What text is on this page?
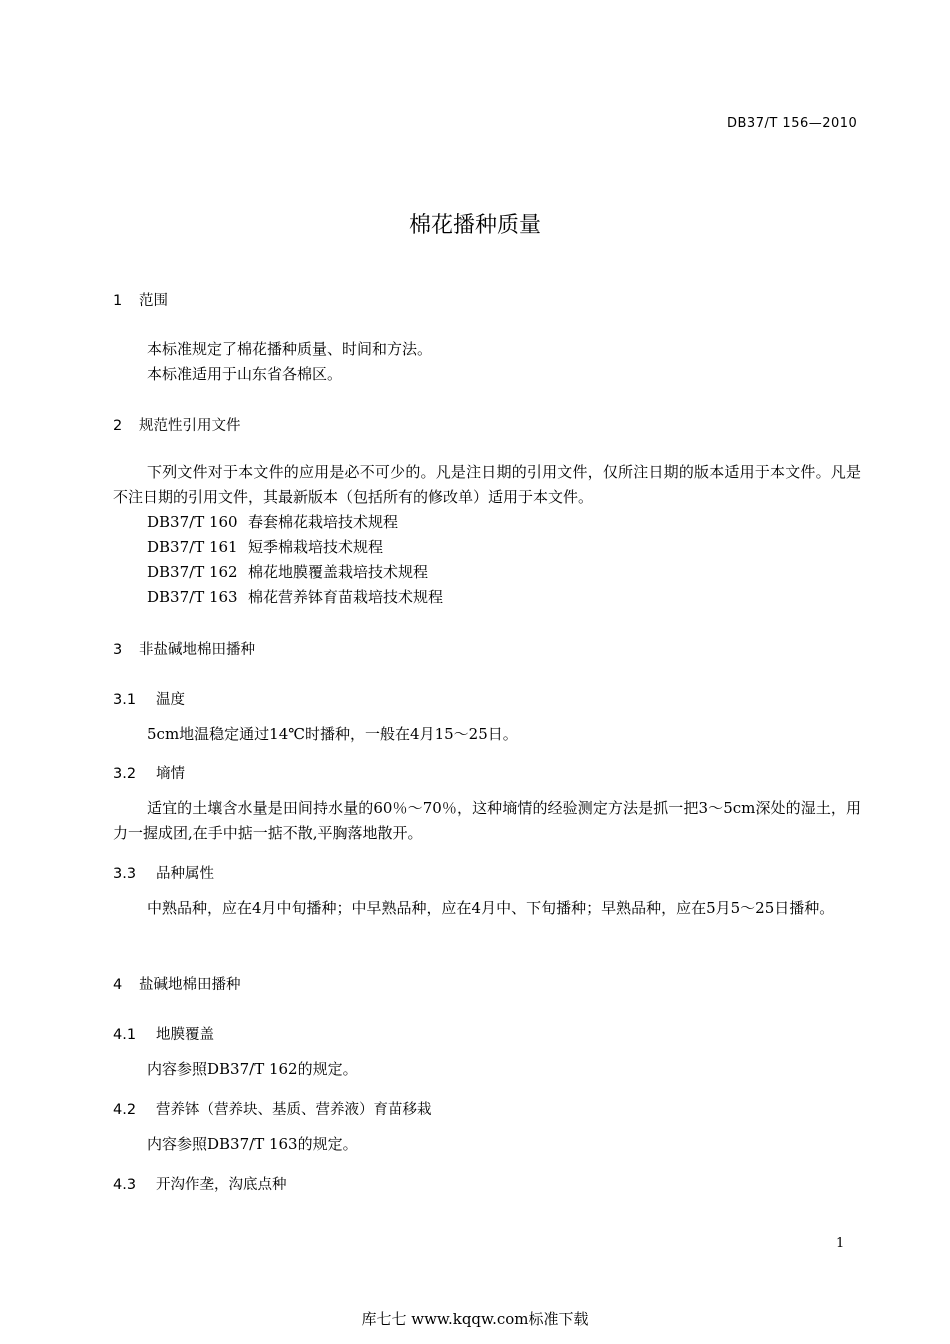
DB37/T 156—2010
棉花播种质量
1 范围
本标准规定了棉花播种质量、时间和方法。
本标准适用于山东省各棉区。
2 规范性引用文件
下列文件对于本文件的应用是必不可少的。凡是注日期的引用文件，仅所注日期的版本适用于本文件。凡是不注日期的引用文件，其最新版本（包括所有的修改单）适用于本文件。
DB37/T 160 春套棉花栽培技术规程
DB37/T 161 短季棉栽培技术规程
DB37/T 162 棉花地膜覆盖栽培技术规程
DB37/T 163 棉花营养钵育苗栽培技术规程
3 非盐碱地棉田播种
3.1 温度
5cm地温稳定通过14℃时播种，一般在4月15～25日。
3.2 墒情
适宜的土壤含水量是田间持水量的60％～70％，这种墒情的经验测定方法是抓一把3～5cm深处的湿土，用力一握成团,在手中掂一掂不散,平胸落地散开。
3.3 品种属性
中熟品种，应在4月中旬播种；中早熟品种，应在4月中、下旬播种；早熟品种，应在5月5～25日播种。
4 盐碱地棉田播种
4.1 地膜覆盖
内容参照DB37/T 162的规定。
4.2 营养钵（营养块、基质、营养液）育苗移栽
内容参照DB37/T 163的规定。
4.3 开沟作垄，沟底点种
1
库七七 www.kqqw.com标准下载
